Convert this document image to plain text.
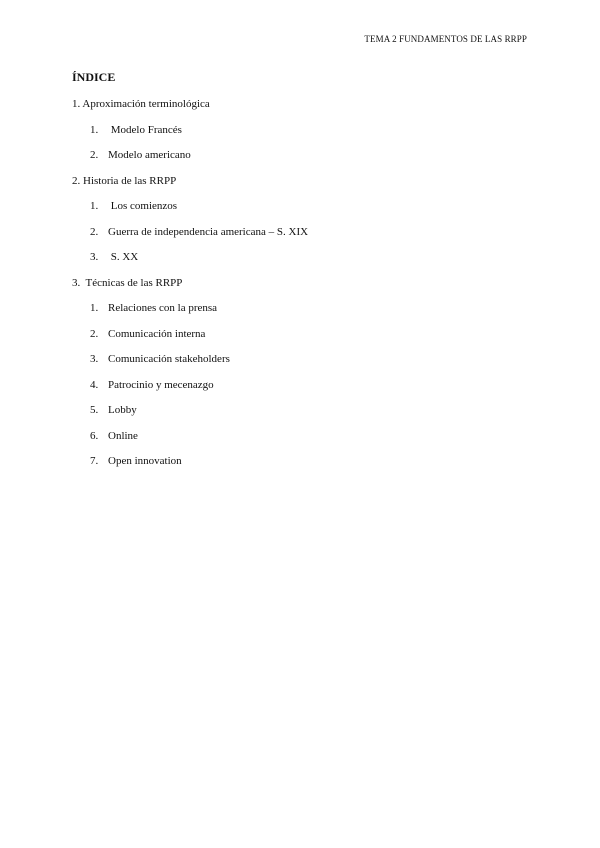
TEMA 2 FUNDAMENTOS DE LAS RRPP
ÍNDICE
1. Aproximación terminológica
1. Modelo Francés
2. Modelo americano
2. Historia de las RRPP
1. Los comienzos
2. Guerra de independencia americana – S. XIX
3. S. XX
3.  Técnicas de las RRPP
1. Relaciones con la prensa
2. Comunicación interna
3. Comunicación stakeholders
4. Patrocinio y mecenazgo
5. Lobby
6. Online
7. Open innovation
